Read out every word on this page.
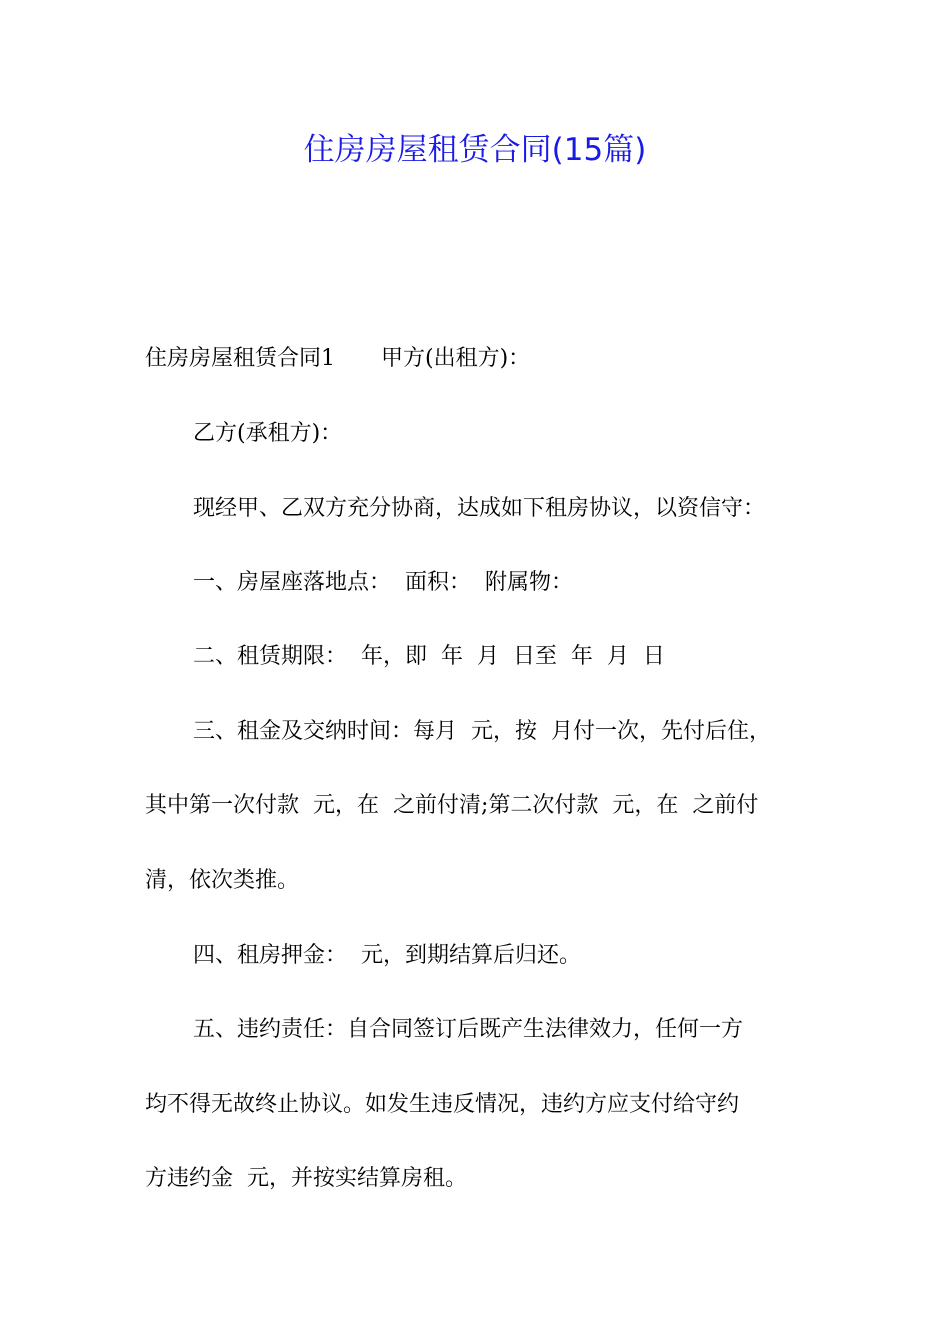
住房房屋租赁合同(15篇)
住房房屋租赁合同1 甲方(出租方)：
乙方(承租方)：
现经甲、乙双方充分协商，达成如下租房协议，以资信守：
一、房屋座落地点：  面积：  附属物：
二、租赁期限：  年，即  年  月  日至  年  月  日
三、租金及交纳时间：每月  元，按  月付一次，先付后住，
其中第一次付款  元，在  之前付清;第二次付款  元，在  之前付
清，依次类推。
四、租房押金：  元，到期结算后归还。
五、违约责任：自合同签订后既产生法律效力，任何一方
均不得无故终止协议。如发生违反情况，违约方应支付给守约
方违约金  元，并按实结算房租。
